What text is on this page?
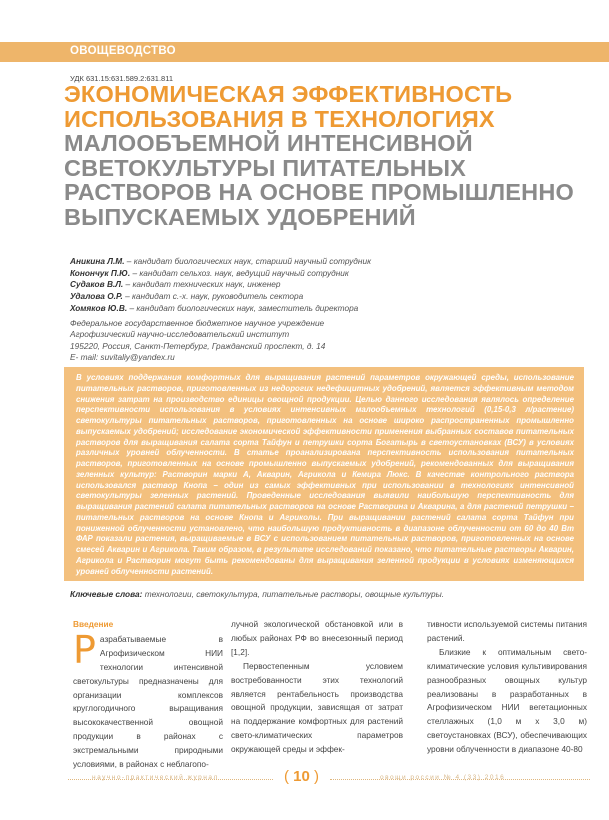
ОВОЩЕВОДСТВО
УДК 631.15:631.589.2:631.811
ЭКОНОМИЧЕСКАЯ ЭФФЕКТИВНОСТЬ
ИСПОЛЬЗОВАНИЯ В ТЕХНОЛОГИЯХ
МАЛООБЪЕМНОЙ ИНТЕНСИВНОЙ
СВЕТОКУЛЬТУРЫ ПИТАТЕЛЬНЫХ
РАСТВОРОВ НА ОСНОВЕ ПРОМЫШЛЕННО
ВЫПУСКАЕМЫХ УДОБРЕНИЙ
Аникина Л.М. – кандидат биологических наук, старший научный сотрудник
Конончук П.Ю. – кандидат сельхоз. наук, ведущий научный сотрудник
Судаков В.Л. – кандидат технических наук, инженер
Удалова О.Р. – кандидат с.-х. наук, руководитель сектора
Хомяков Ю.В. – кандидат биологических наук, заместитель директора
Федеральное государственное бюджетное научное учреждение
Агрофизический научно-исследовательский институт
195220, Россия, Санкт-Петербург, Гражданский проспект, д. 14
E- mail: suvitaliy@yandex.ru

В условиях поддержания комфортных для выращивания растений параметров окружающей среды, использование питательных растворов, приготовленных из недорогих недефицитных удобрений, является эффективным методом снижения затрат на производство единицы овощной продукции. Целью данного исследования являлось определение перспективности использования в условиях интенсивных малообъемных технологий (0,15-0,3 л/растение) светокультуры питательных растворов, приготовленных на основе широко распространенных промышленно выпускаемых удобрений; исследование экономической эффективности применения выбранных составов питательных растворов для выращивания салата сорта Тайфун и петрушки сорта Богатырь в светоустановках (ВСУ) в условиях различных уровней облученности. В статье проанализирована перспективность использования питательных растворов, приготовленных на основе промышленно выпускаемых удобрений, рекомендованных для выращивания зеленных культур: Растворин марки А, Акварин, Агрикола и Кемира Люкс. В качестве контрольного раствора использовался раствор Кнопа – один из самых эффективных при использовании в технологиях интенсивной светокультуры зеленных растений. Проведенные исследования выявили наибольшую перспективность для выращивания растений салата питательных растворов на основе Растворина и Акварина, а для растений петрушки – питательных растворов на основе Кнопа и Агриколы. При выращивании растений салата сорта Тайфун при пониженной облученности установлено, что наибольшую продуктивность в диапазоне облученности от 60 до 40 Вт ФАР показали растения, выращиваемые в ВСУ с использованием питательных растворов, приготовленных на основе смесей Акварин и Агрикола. Таким образом, в результате исследований показано, что питательные растворы Акварин, Агрикола и Растворин могут быть рекомендованы для выращивания зеленной продукции в условиях изменяющихся уровней облученности растений.

Ключевые слова: технологии, светокультура, питательные растворы, овощные культуры.
Введение

Разрабатываемые в Агрофизическом НИИ технологии интенсивной светокультуры предназначены для организации комплексов круглогодичного выращивания высококачественной овощной продукции в районах с экстремальными природными условиями, в районах с неблагопо-

лучной экологической обстановкой или в любых районах РФ во внесезонный период [1,2].

Первостепенным условием востребованности этих технологий является рентабельность производства овощной продукции, зависящая от затрат на поддержание комфортных для растений свето-климатических параметров окружающей среды и эффек-

тивности используемой системы питания растений.

Близкие к оптимальным свето-климатические условия культивирования разнообразных овощных культур реализованы в разработанных в Агрофизическом НИИ вегетационных стеллажных (1,0 м х 3,0 м) светоустановках (ВСУ), обеспечивающих уровни облученности в диапазоне 40-80

научно-практический журнал	( 10 )	овощи россии № 4 (33) 2016
